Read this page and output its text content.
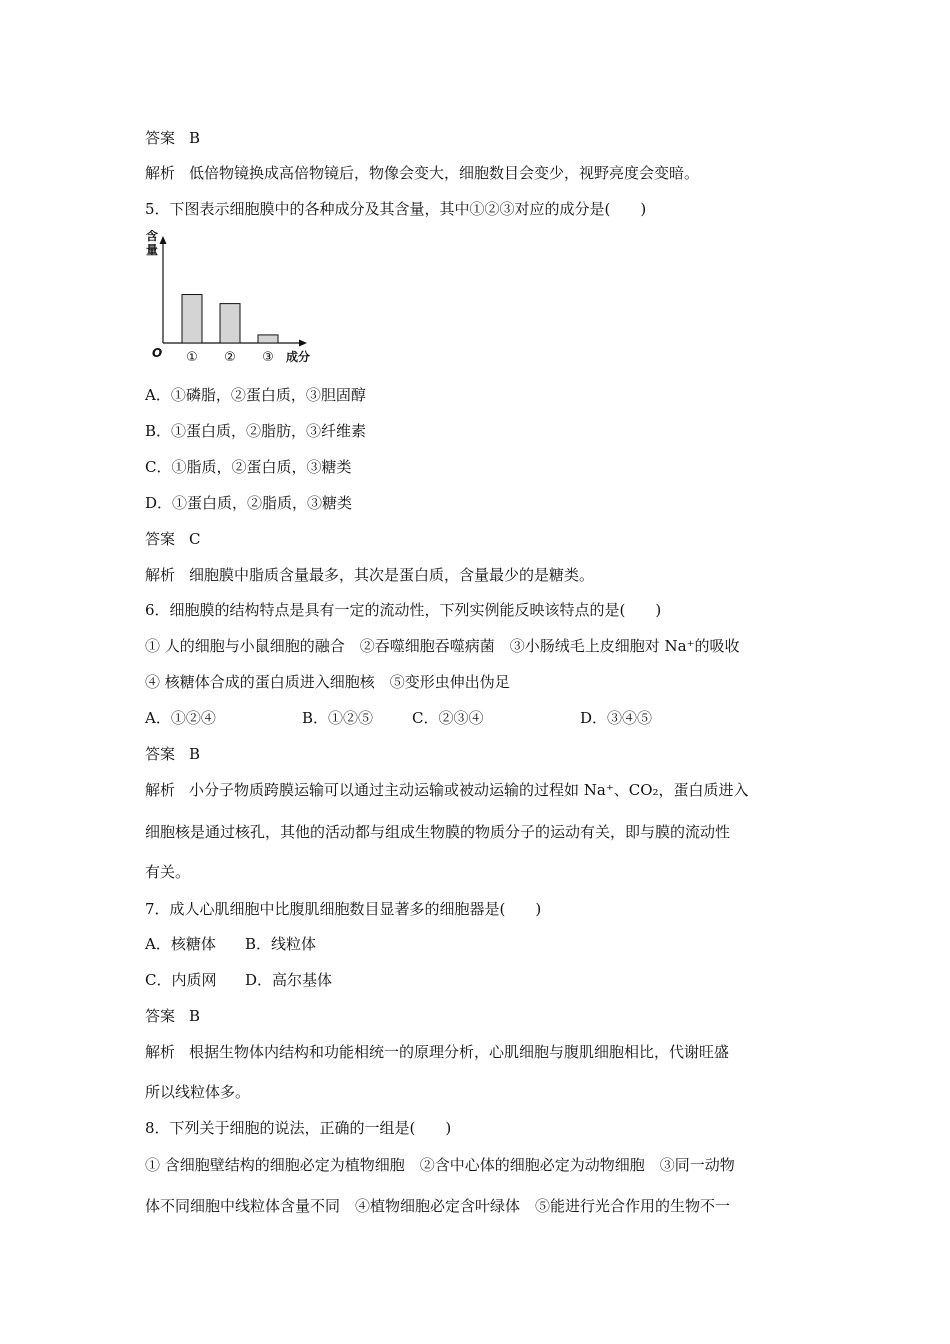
答案 B
解析 低倍物镜换成高倍物镜后，物像会变大，细胞数目会变少，视野亮度会变暗。
5．下图表示细胞膜中的各种成分及其含量，其中①②③对应的成分是(　　)
① ② ③
含
量
成分
O
A．①磷脂，②蛋白质，③胆固醇
B．①蛋白质，②脂肪，③纤维素
C．①脂质，②蛋白质，③糖类
D．①蛋白质，②脂质，③糖类
答案 C
解析 细胞膜中脂质含量最多，其次是蛋白质，含量最少的是糖类。
6．细胞膜的结构特点是具有一定的流动性，下列实例能反映该特点的是(　　)
① 人的细胞与小鼠细胞的融合　②吞噬细胞吞噬病菌　③小肠绒毛上皮细胞对 Na⁺的吸收
④ 核糖体合成的蛋白质进入细胞核　⑤变形虫伸出伪足
A．①②④	B．①②⑤	C．②③④	D．③④⑤
答案 B
解析 小分子物质跨膜运输可以通过主动运输或被动运输的过程如 Na⁺、CO₂，蛋白质进入
细胞核是通过核孔，其他的活动都与组成生物膜的物质分子的运动有关，即与膜的流动性
有关。
7．成人心肌细胞中比腹肌细胞数目显著多的细胞器是(　　)
A．核糖体 B．线粒体
C．内质网 D．高尔基体
答案 B
解析 根据生物体内结构和功能相统一的原理分析，心肌细胞与腹肌细胞相比，代谢旺盛
所以线粒体多。
8．下列关于细胞的说法，正确的一组是(　　)
① 含细胞壁结构的细胞必定为植物细胞　②含中心体的细胞必定为动物细胞　③同一动物
体不同细胞中线粒体含量不同　④植物细胞必定含叶绿体　⑤能进行光合作用的生物不一
